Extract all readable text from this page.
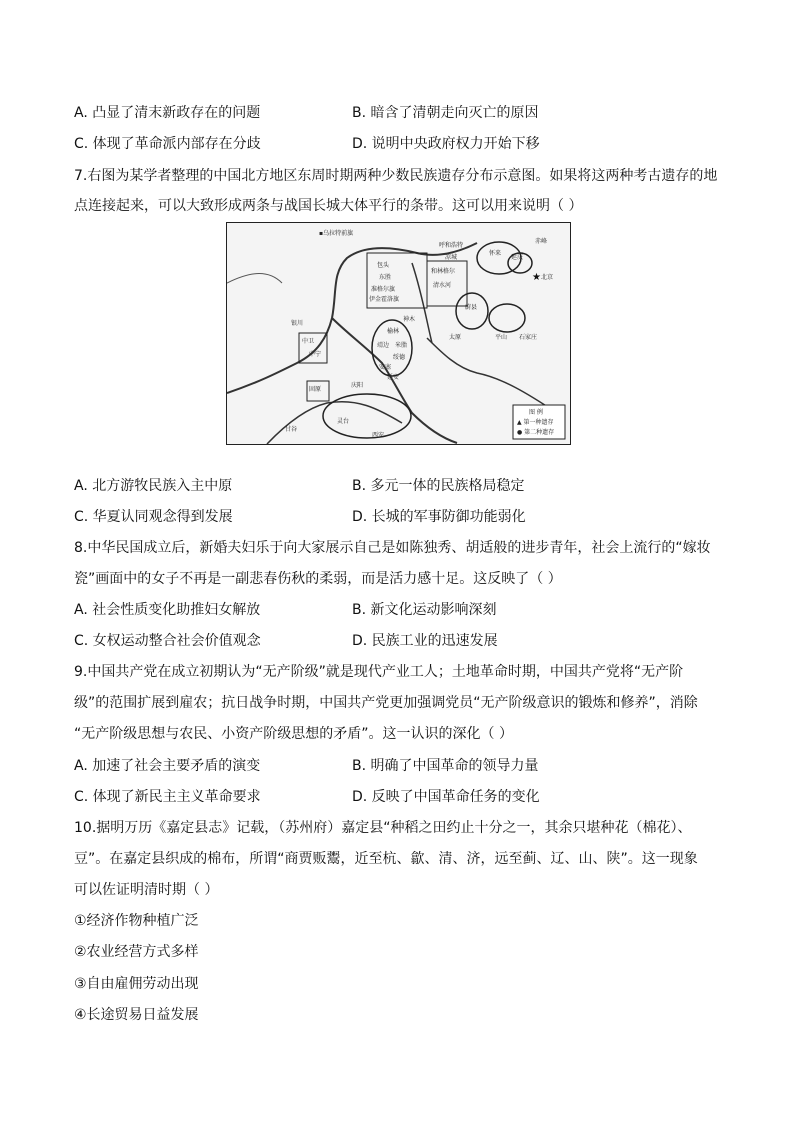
A. 凸显了清末新政存在的问题	B. 暗含了清朝走向灭亡的原因
C. 体现了革命派内部存在分歧	D. 说明中央政府权力开始下移
7.右图为某学者整理的中国北方地区东周时期两种少数民族遗存分布示意图。如果将这两种考古遗存的地
点连接起来，可以大致形成两条与战国长城大体平行的条带。这可以用来说明（ ）
★
▪乌拉特前旗
呼和浩特
凉城
和林格尔
清水河
包头
东胜
准格尔旗
伊金霍洛旗
神木
榆林
靖边 米脂
绥德
安塞
延安
中卫
中宁
固原
庆阳
甘谷
灵台
西安
怀来
延庆
北京
蔚县
平山 石家庄
太原
赤峰
银川
图 例
▲ 第一种遗存
● 第二种遗存
A. 北方游牧民族入主中原	B. 多元一体的民族格局稳定
C. 华夏认同观念得到发展	D. 长城的军事防御功能弱化
8.中华民国成立后，新婚夫妇乐于向大家展示自己是如陈独秀、胡适般的进步青年，社会上流行的“嫁妆
瓷”画面中的女子不再是一副悲春伤秋的柔弱，而是活力感十足。这反映了（ ）
A. 社会性质变化助推妇女解放	B. 新文化运动影响深刻
C. 女权运动整合社会价值观念	D. 民族工业的迅速发展
9.中国共产党在成立初期认为“无产阶级”就是现代产业工人；土地革命时期，中国共产党将“无产阶
级”的范围扩展到雇农；抗日战争时期，中国共产党更加强调党员“无产阶级意识的锻炼和修养”，消除
“无产阶级思想与农民、小资产阶级思想的矛盾”。这一认识的深化（ ）
A. 加速了社会主要矛盾的演变	B. 明确了中国革命的领导力量
C. 体现了新民主主义革命要求	D. 反映了中国革命任务的变化
10.据明万历《嘉定县志》记载，（苏州府）嘉定县“种稻之田约止十分之一，其余只堪种花（棉花）、
豆”。在嘉定县织成的棉布，所谓“商贾贩鬻，近至杭、歙、清、济，远至蓟、辽、山、陕”。这一现象
可以佐证明清时期（ ）
①经济作物种植广泛
②农业经营方式多样
③自由雇佣劳动出现
④长途贸易日益发展
